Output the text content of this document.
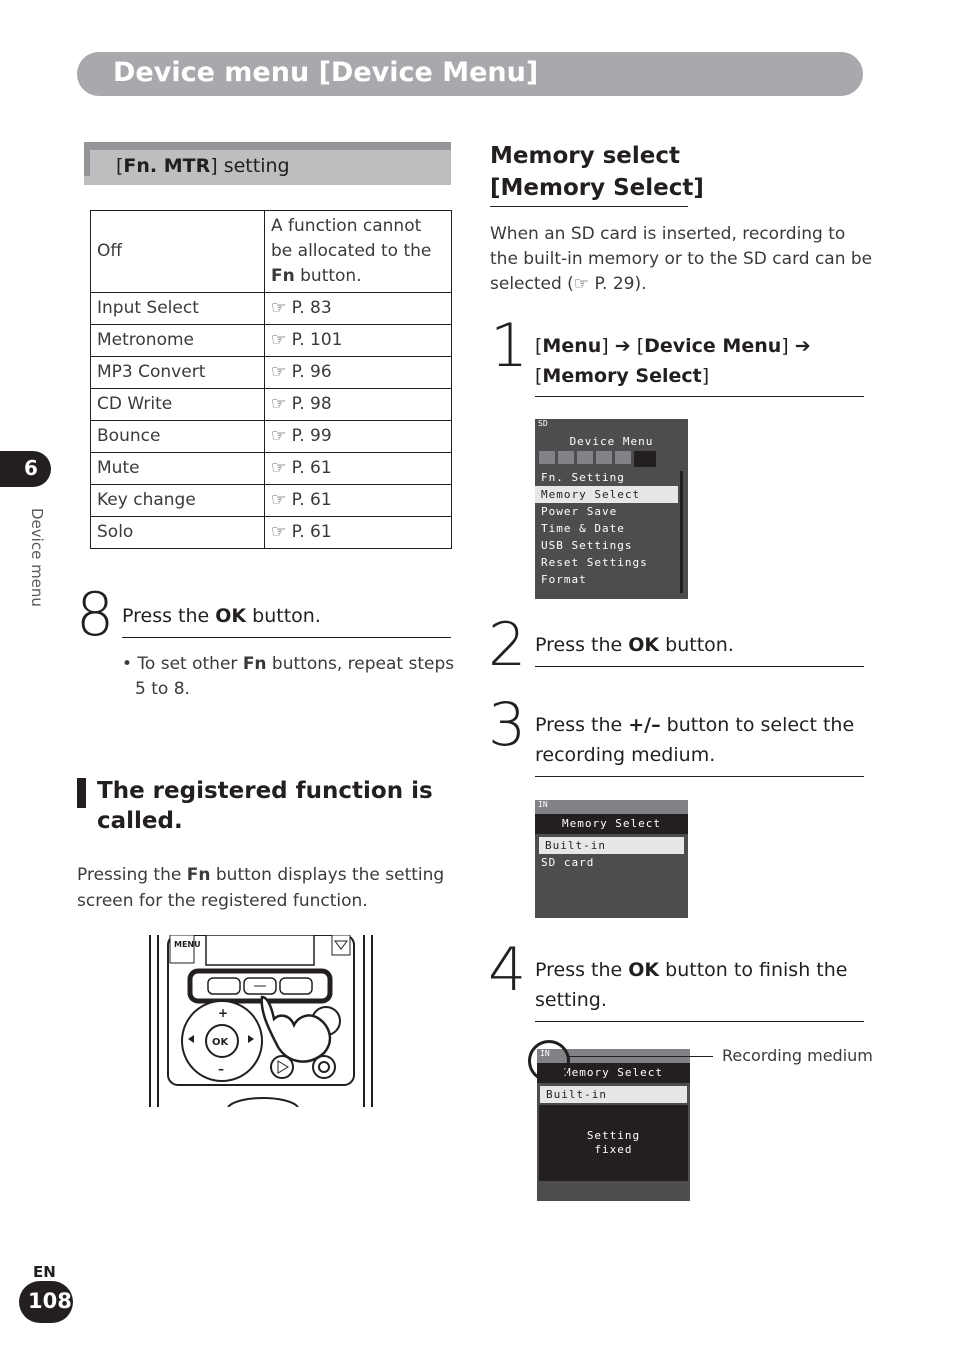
Device menu [Device Menu]
6
Device menu
EN
108
[Fn. MTR] setting
Off	A function cannot be allocated to the Fn button.
Input Select	☞ P. 83
Metronome	☞ P. 101
MP3 Convert	☞ P. 96
CD Write	☞ P. 98
Bounce	☞ P. 99
Mute	☞ P. 61
Key change	☞ P. 61
Solo	☞ P. 61
8 Press the OK button.
• To set other Fn buttons, repeat steps
5 to 8.
The registered function is
called.
Pressing the Fn button displays the setting
screen for the registered function.
MENU
OK
+
–
Memory select
[Memory Select]
When an SD card is inserted, recording to
the built-in memory or to the SD card can be
selected (☞ P. 29).
1 [Menu] ➔ [Device Menu] ➔
[Memory Select]
SD
Device Menu
Fn. Setting
Memory Select
Power Save
Time & Date
USB Settings
Reset Settings
Format
2 Press the OK button.
3 Press the +/– button to select the
recording medium.
IN
Memory Select
Built-in
SD card
4 Press the OK button to finish the
setting.
IN
Memory Select
Built-in
Setting
fixed
Recording medium
